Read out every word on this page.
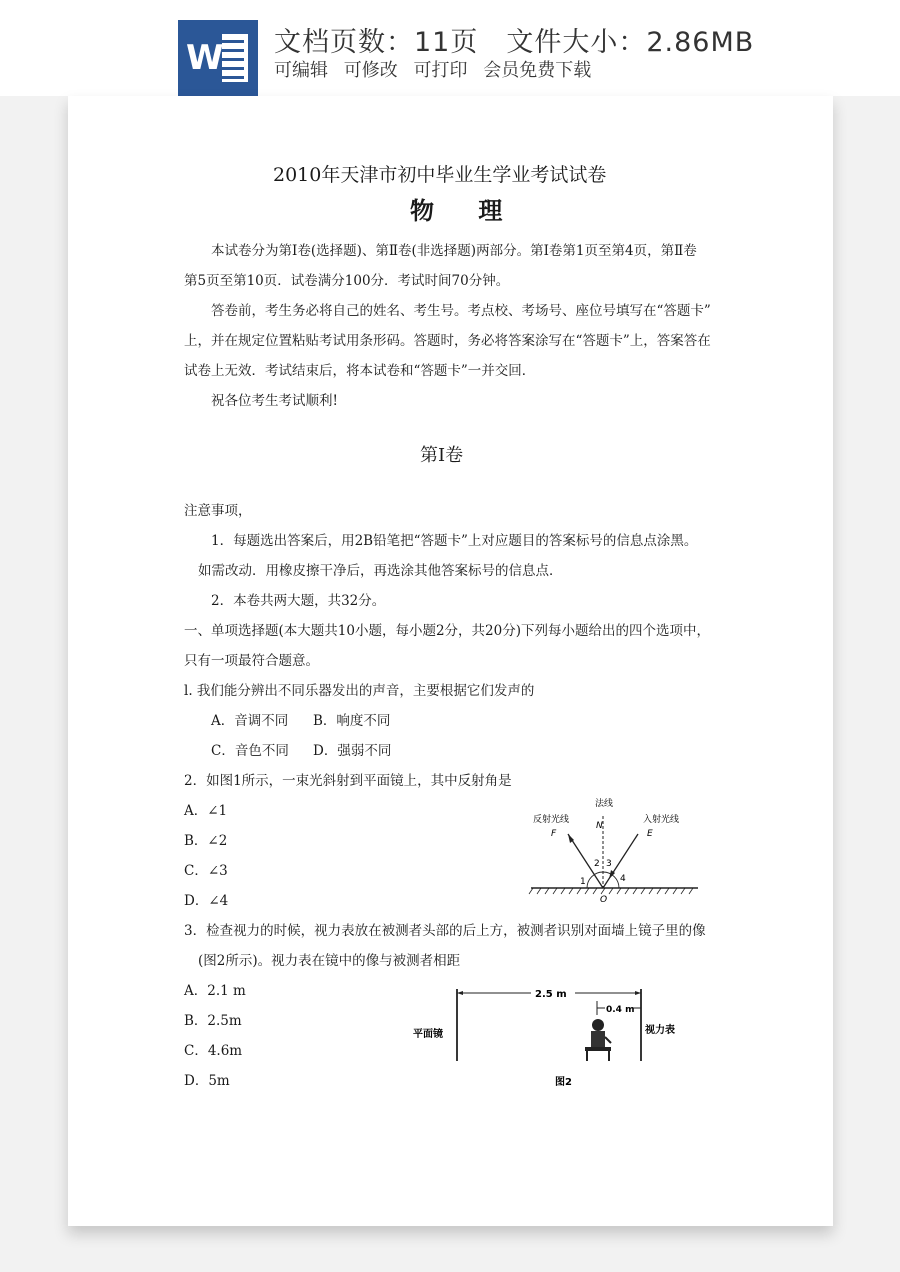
W 文档页数：11页 文件大小：2.86MB
可编辑 可修改 可打印 会员免费下载
2010年天津市初中毕业生学业考试试卷
物 理
本试卷分为第Ⅰ卷(选择题)、第Ⅱ卷(非选择题)两部分。第Ⅰ卷第1页至第4页，第Ⅱ卷
第5页至第10页．试卷满分100分．考试时间70分钟。
答卷前，考生务必将自己的姓名、考生号。考点校、考场号、座位号填写在“答题卡”
上，并在规定位置粘贴考试用条形码。答题时，务必将答案涂写在“答题卡”上，答案答在
试卷上无效．考试结束后，将本试卷和“答题卡”一并交回．
祝各位考生考试顺利!
第Ⅰ卷
注意事项，
1．每题选出答案后，用2B铅笔把“答题卡”上对应题目的答案标号的信息点涂黑。
如需改动．用橡皮擦干净后，再选涂其他答案标号的信息点．
2．本卷共两大题，共32分。
一、单项选择题(本大题共10小题，每小题2分，共20分)下列每小题给出的四个选项中，
只有一项最符合题意。
l. 我们能分辨出不同乐器发出的声音，主要根据它们发声的
A．音调不同 B．响度不同
C．音色不同 D．强弱不同
2．如图1所示，一束光斜射到平面镜上，其中反射角是
A．∠1
B．∠2
C．∠3
D．∠4
法线
反射光线	入射光线
N
F	E
O
1
2 3
4
3．检查视力的时候，视力表放在被测者头部的后上方，被测者识别对面墙上镜子里的像
(图2所示)。视力表在镜中的像与被测者相距
A．2.1 m
B．2.5m
C．4.6m
D．5m
2.5 m
0.4 m
平面镜	视力表
图2
